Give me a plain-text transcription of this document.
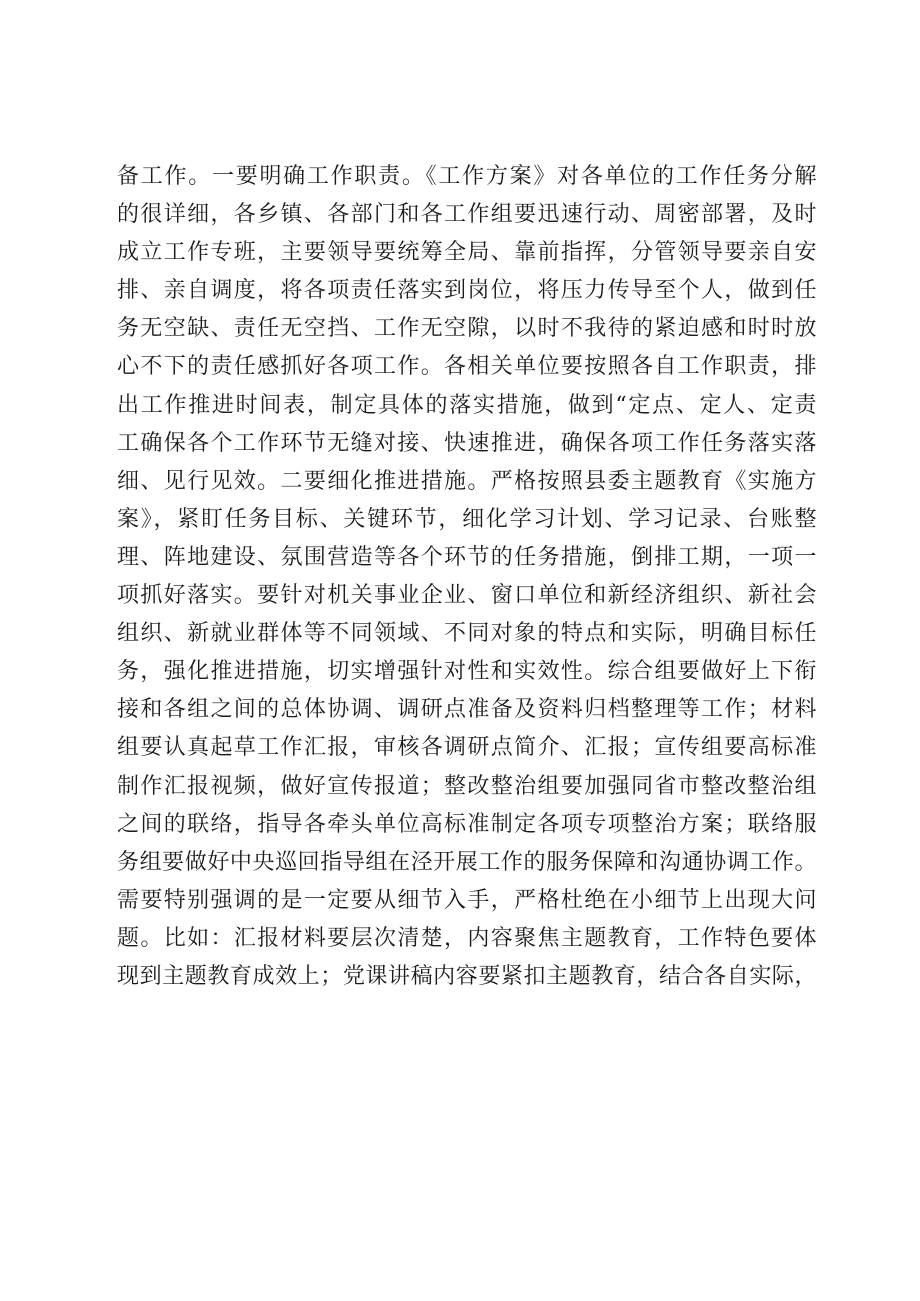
备工作。一要明确工作职责。《工作方案》对各单位的工作任务分解
的很详细，各乡镇、各部门和各工作组要迅速行动、周密部署，及时
成立工作专班，主要领导要统筹全局、靠前指挥，分管领导要亲自安
排、亲自调度，将各项责任落实到岗位，将压力传导至个人，做到任
务无空缺、责任无空挡、工作无空隙，以时不我待的紧迫感和时时放
心不下的责任感抓好各项工作。各相关单位要按照各自工作职责，排
出工作推进时间表，制定具体的落实措施，做到“定点、定人、定责
工确保各个工作环节无缝对接、快速推进，确保各项工作任务落实落
细、见行见效。二要细化推进措施。严格按照县委主题教育《实施方
案》，紧盯任务目标、关键环节，细化学习计划、学习记录、台账整
理、阵地建设、氛围营造等各个环节的任务措施，倒排工期，一项一
项抓好落实。要针对机关事业企业、窗口单位和新经济组织、新社会
组织、新就业群体等不同领域、不同对象的特点和实际，明确目标任
务，强化推进措施，切实增强针对性和实效性。综合组要做好上下衔
接和各组之间的总体协调、调研点准备及资料归档整理等工作；材料
组要认真起草工作汇报，审核各调研点简介、汇报；宣传组要高标准
制作汇报视频，做好宣传报道；整改整治组要加强同省市整改整治组
之间的联络，指导各牵头单位高标准制定各项专项整治方案；联络服
务组要做好中央巡回指导组在泾开展工作的服务保障和沟通协调工作。
需要特别强调的是一定要从细节入手，严格杜绝在小细节上出现大问
题。比如：汇报材料要层次清楚，内容聚焦主题教育，工作特色要体
现到主题教育成效上；党课讲稿内容要紧扣主题教育，结合各自实际，
